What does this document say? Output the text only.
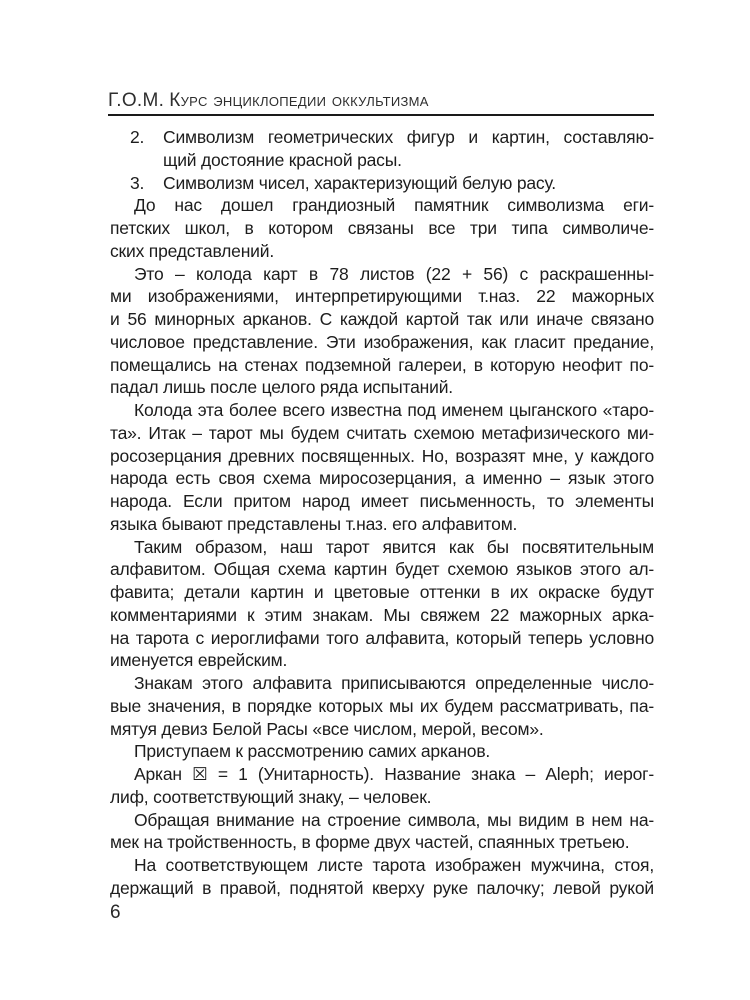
Г.О.М. Курс энциклопедии оккультизма
2. Символизм геометрических фигур и картин, составляю-
щий достояние красной расы.
3. Символизм чисел, характеризующий белую расу.
До нас дошел грандиозный памятник символизма еги-
петских школ, в котором связаны все три типа символиче-
ских представлений.
Это – колода карт в 78 листов (22 + 56) с раскрашенны-
ми изображениями, интерпретирующими т.наз. 22 мажорных
и 56 минорных арканов. С каждой картой так или иначе связано
числовое представление. Эти изображения, как гласит предание,
помещались на стенах подземной галереи, в которую неофит по-
падал лишь после целого ряда испытаний.
Колода эта более всего известна под именем цыганского «таро-
та». Итак – тарот мы будем считать схемою метафизического ми-
росозерцания древних посвященных. Но, возразят мне, у каждого
народа есть своя схема миросозерцания, а именно – язык этого
народа. Если притом народ имеет письменность, то элементы
языка бывают представлены т.наз. его алфавитом.
Таким образом, наш тарот явится как бы посвятительным
алфавитом. Общая схема картин будет схемою языков этого ал-
фавита; детали картин и цветовые оттенки в их окраске будут
комментариями к этим знакам. Мы свяжем 22 мажорных арка-
на тарота с иероглифами того алфавита, который теперь условно
именуется еврейским.
Знакам этого алфавита приписываются определенные число-
вые значения, в порядке которых мы их будем рассматривать, па-
мятуя девиз Белой Расы «все числом, мерой, весом».
Приступаем к рассмотрению самих арканов.
Аркан ☒ = 1 (Унитарность). Название знака – Aleph; иерог-
лиф, соответствующий знаку, – человек.
Обращая внимание на строение символа, мы видим в нем на-
мек на тройственность, в форме двух частей, спаянных третьею.
На соответствующем листе тарота изображен мужчина, стоя,
держащий в правой, поднятой кверху руке палочку; левой рукой
6
